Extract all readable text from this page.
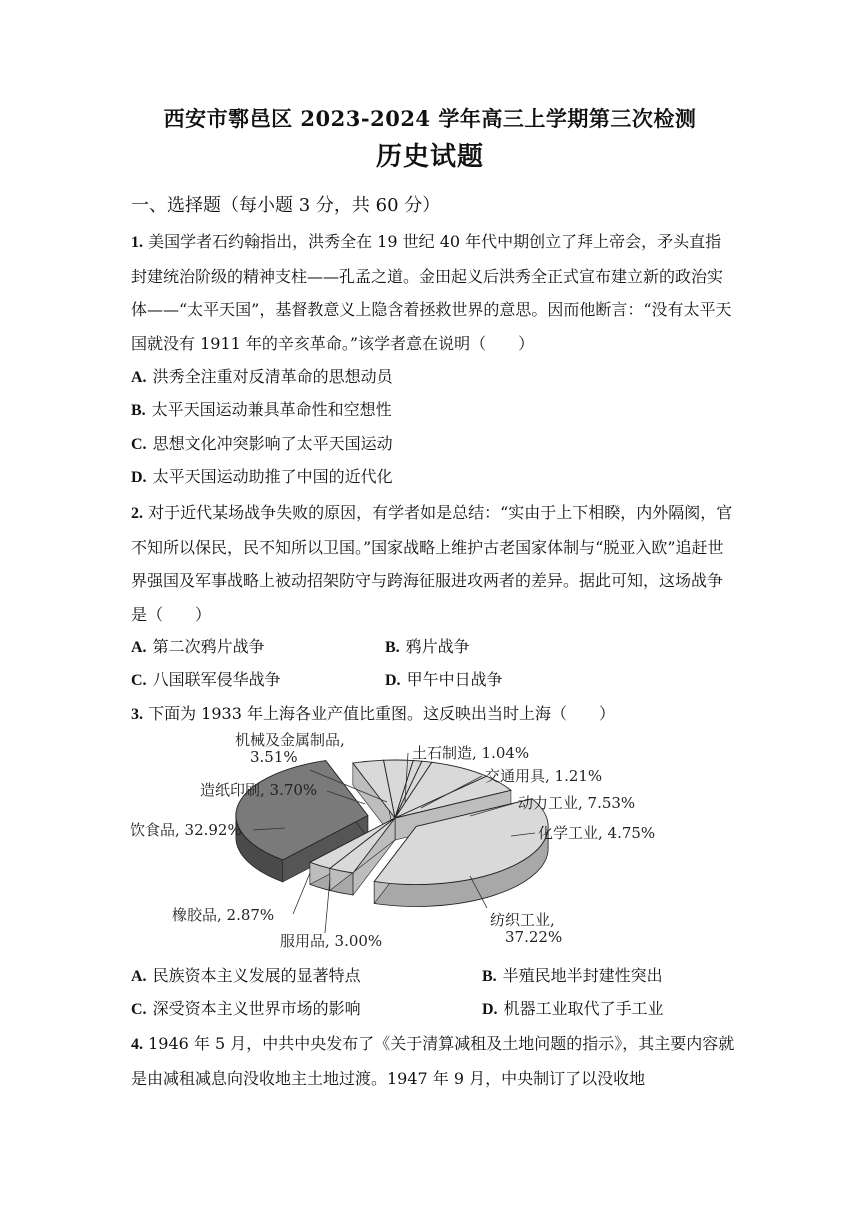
西安市鄠邑区 2023-2024 学年高三上学期第三次检测
历史试题
一、选择题（每小题 3 分，共 60 分）
1. 美国学者石约翰指出，洪秀全在 19 世纪 40 年代中期创立了拜上帝会，矛头直指封建统治阶级的精神支柱——孔孟之道。金田起义后洪秀全正式宣布建立新的政治实体——“太平天国”，基督教意义上隐含着拯救世界的意思。因而他断言：“没有太平天国就没有 1911 年的辛亥革命。”该学者意在说明（　　）
A. 洪秀全注重对反清革命的思想动员
B. 太平天国运动兼具革命性和空想性
C. 思想文化冲突影响了太平天国运动
D. 太平天国运动助推了中国的近代化
2. 对于近代某场战争失败的原因，有学者如是总结：“实由于上下相睽，内外隔阂，官不知所以保民，民不知所以卫国。”国家战略上维护古老国家体制与“脱亚入欧”追赶世界强国及军事战略上被动招架防守与跨海征服进攻两者的差异。据此可知，这场战争是（　　）
A. 第二次鸦片战争	B. 鸦片战争
C. 八国联军侵华战争	D. 甲午中日战争
3. 下面为 1933 年上海各业产值比重图。这反映出当时上海（　　）
机械及金属制品, 3.51%	土石制造, 1.04%
交通用具, 1.21%
动力工业, 7.53%
化学工业, 4.75%
纺织工业, 37.22%
服用品, 3.00%
橡胶品, 2.87%
饮食品, 32.92%
造纸印刷, 3.70%
A. 民族资本主义发展的显著特点	B. 半殖民地半封建性突出
C. 深受资本主义世界市场的影响	D. 机器工业取代了手工业
4. 1946 年 5 月，中共中央发布了《关于清算减租及土地问题的指示》，其主要内容就是由减租减息向没收地主土地过渡。1947 年 9 月，中央制订了以没收地
